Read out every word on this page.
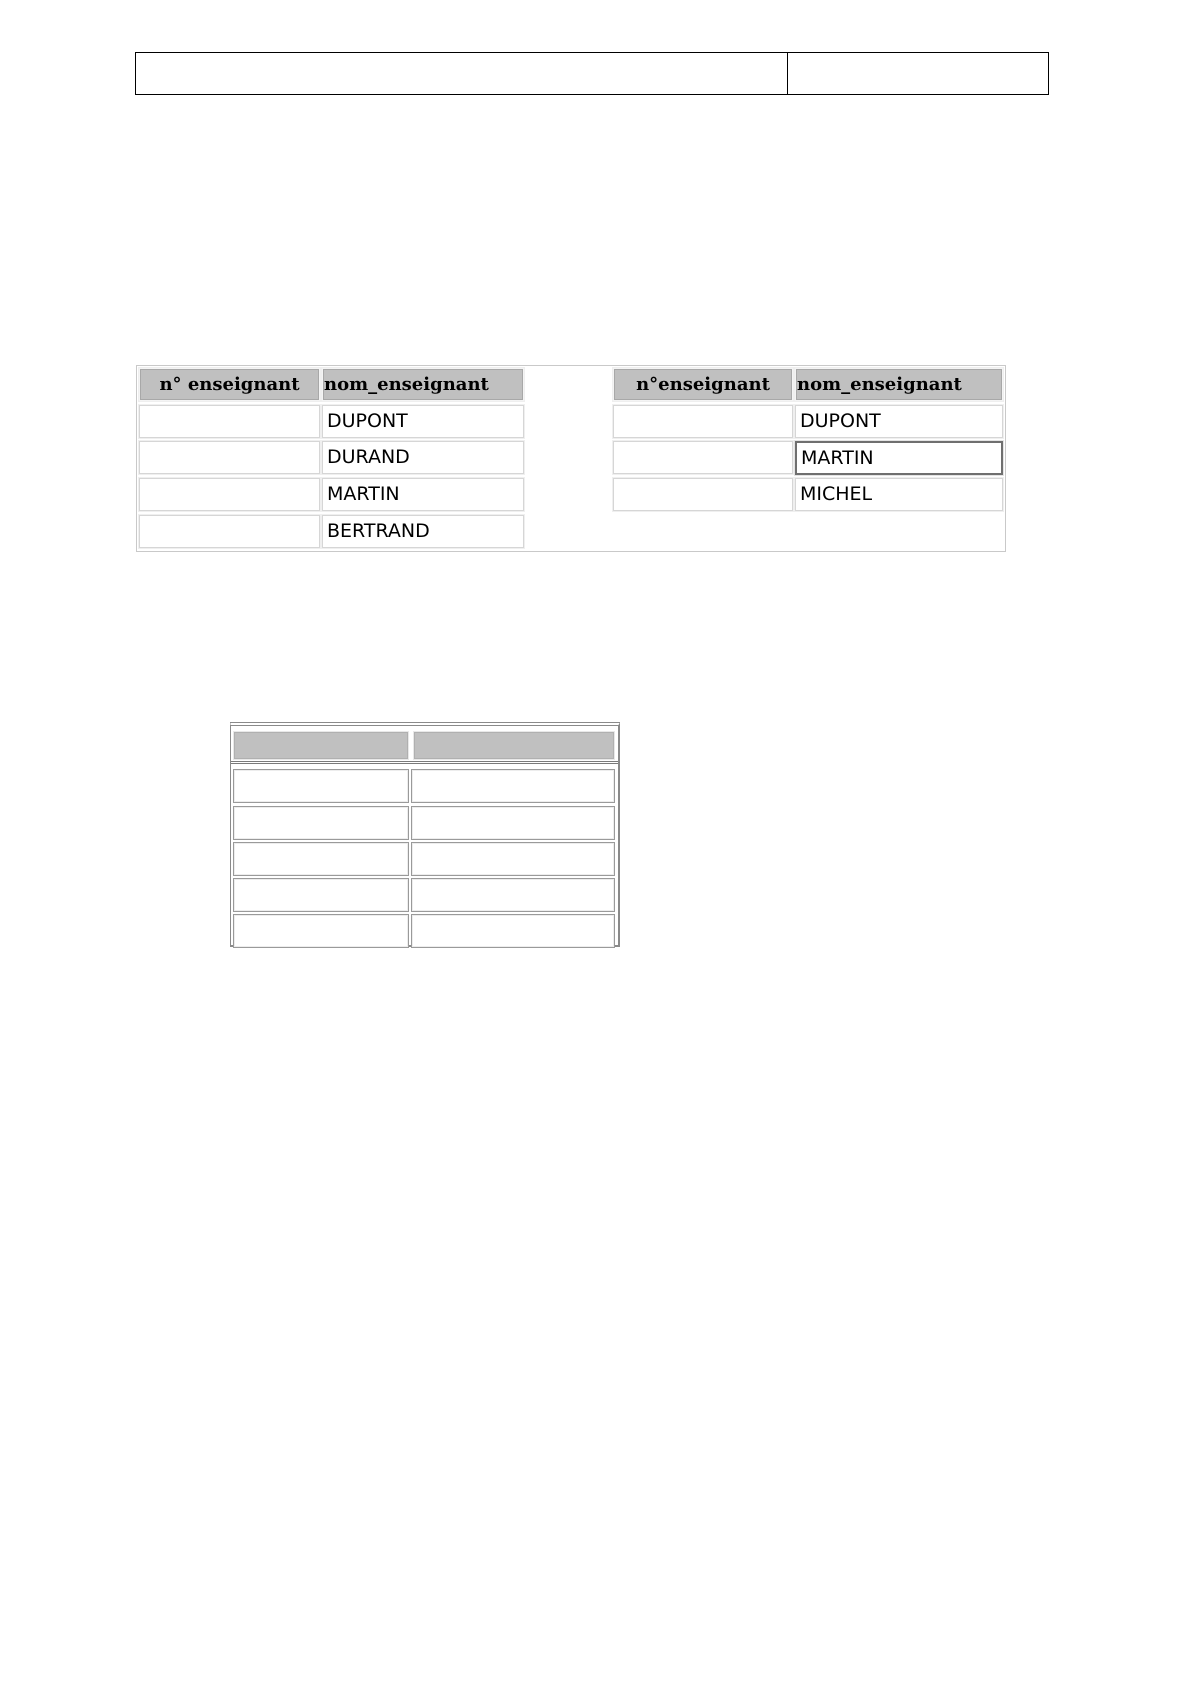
n° enseignant	nom_enseignant
DUPONT
DURAND
MARTIN
BERTRAND
n°enseignant	nom_enseignant
DUPONT
MARTIN
MICHEL
